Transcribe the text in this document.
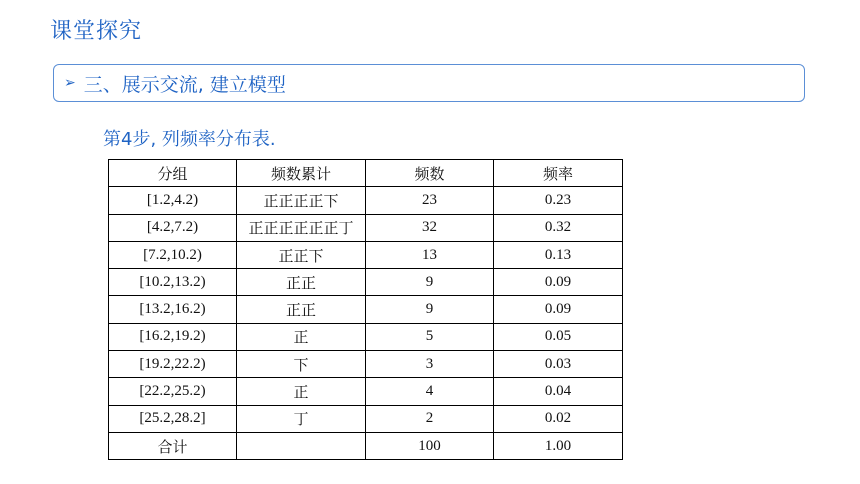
课堂探究
➢ 三、展示交流, 建立模型
第4步, 列频率分布表.
分组	频数累计	频数	频率
[1.2,4.2)	正正正正下	23	0.23
[4.2,7.2)	正正正正正正丁	32	0.32
[7.2,10.2)	正正下	13	0.13
[10.2,13.2)	正正	9	0.09
[13.2,16.2)	正正	9	0.09
[16.2,19.2)	正	5	0.05
[19.2,22.2)	下	3	0.03
[22.2,25.2)	正	4	0.04
[25.2,28.2]	丁	2	0.02
合计		100	1.00
